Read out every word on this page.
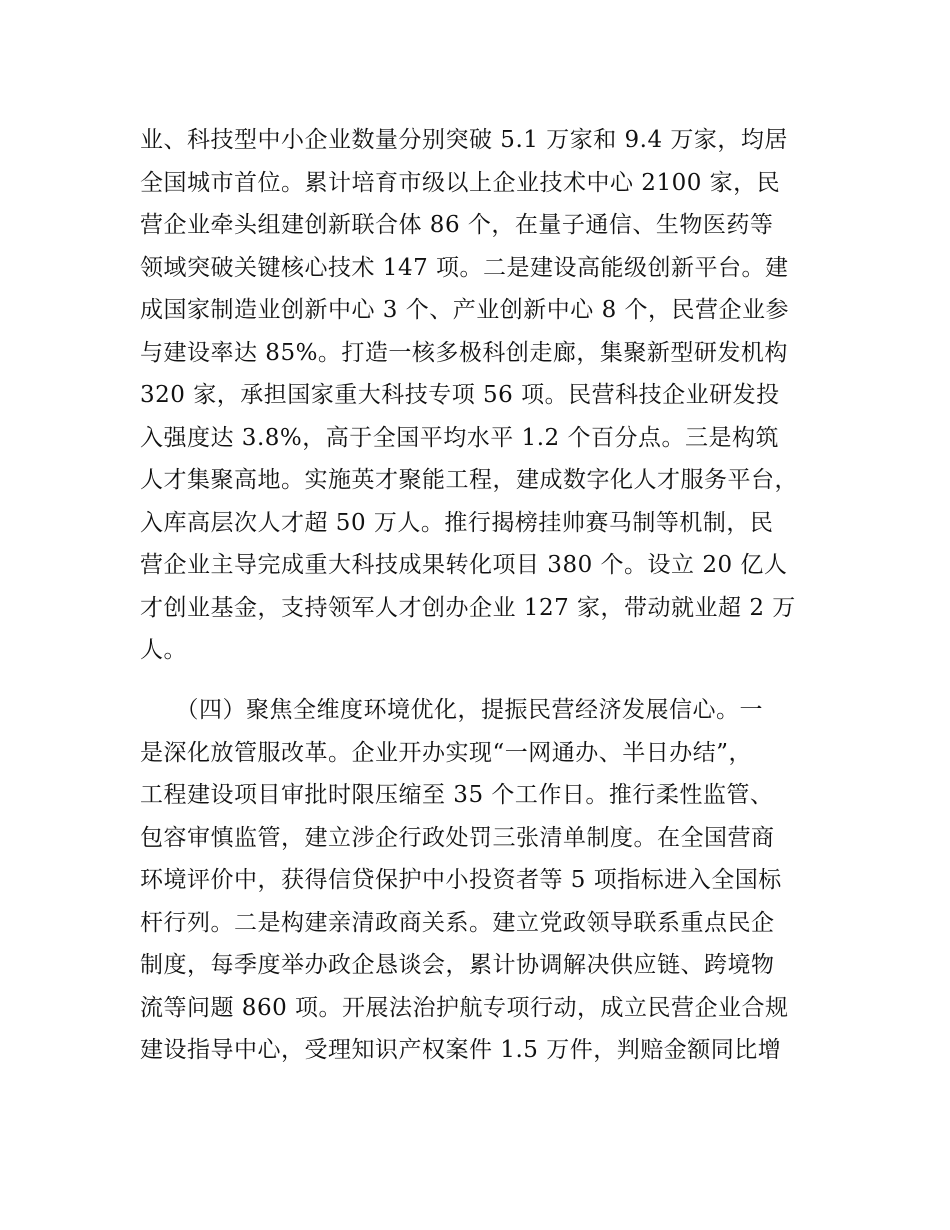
业、科技型中小企业数量分别突破 5.1 万家和 9.4 万家，均居
全国城市首位。累计培育市级以上企业技术中心 2100 家，民
营企业牵头组建创新联合体 86 个，在量子通信、生物医药等
领域突破关键核心技术 147 项。二是建设高能级创新平台。建
成国家制造业创新中心 3 个、产业创新中心 8 个，民营企业参
与建设率达 85%。打造一核多极科创走廊，集聚新型研发机构
320 家，承担国家重大科技专项 56 项。民营科技企业研发投
入强度达 3.8%，高于全国平均水平 1.2 个百分点。三是构筑
人才集聚高地。实施英才聚能工程，建成数字化人才服务平台，
入库高层次人才超 50 万人。推行揭榜挂帅赛马制等机制，民
营企业主导完成重大科技成果转化项目 380 个。设立 20 亿人
才创业基金，支持领军人才创办企业 127 家，带动就业超 2 万
人。
　　（四）聚焦全维度环境优化，提振民营经济发展信心。一
是深化放管服改革。企业开办实现“一网通办、半日办结”，
工程建设项目审批时限压缩至 35 个工作日。推行柔性监管、
包容审慎监管，建立涉企行政处罚三张清单制度。在全国营商
环境评价中，获得信贷保护中小投资者等 5 项指标进入全国标
杆行列。二是构建亲清政商关系。建立党政领导联系重点民企
制度，每季度举办政企恳谈会，累计协调解决供应链、跨境物
流等问题 860 项。开展法治护航专项行动，成立民营企业合规
建设指导中心，受理知识产权案件 1.5 万件，判赔金额同比增
